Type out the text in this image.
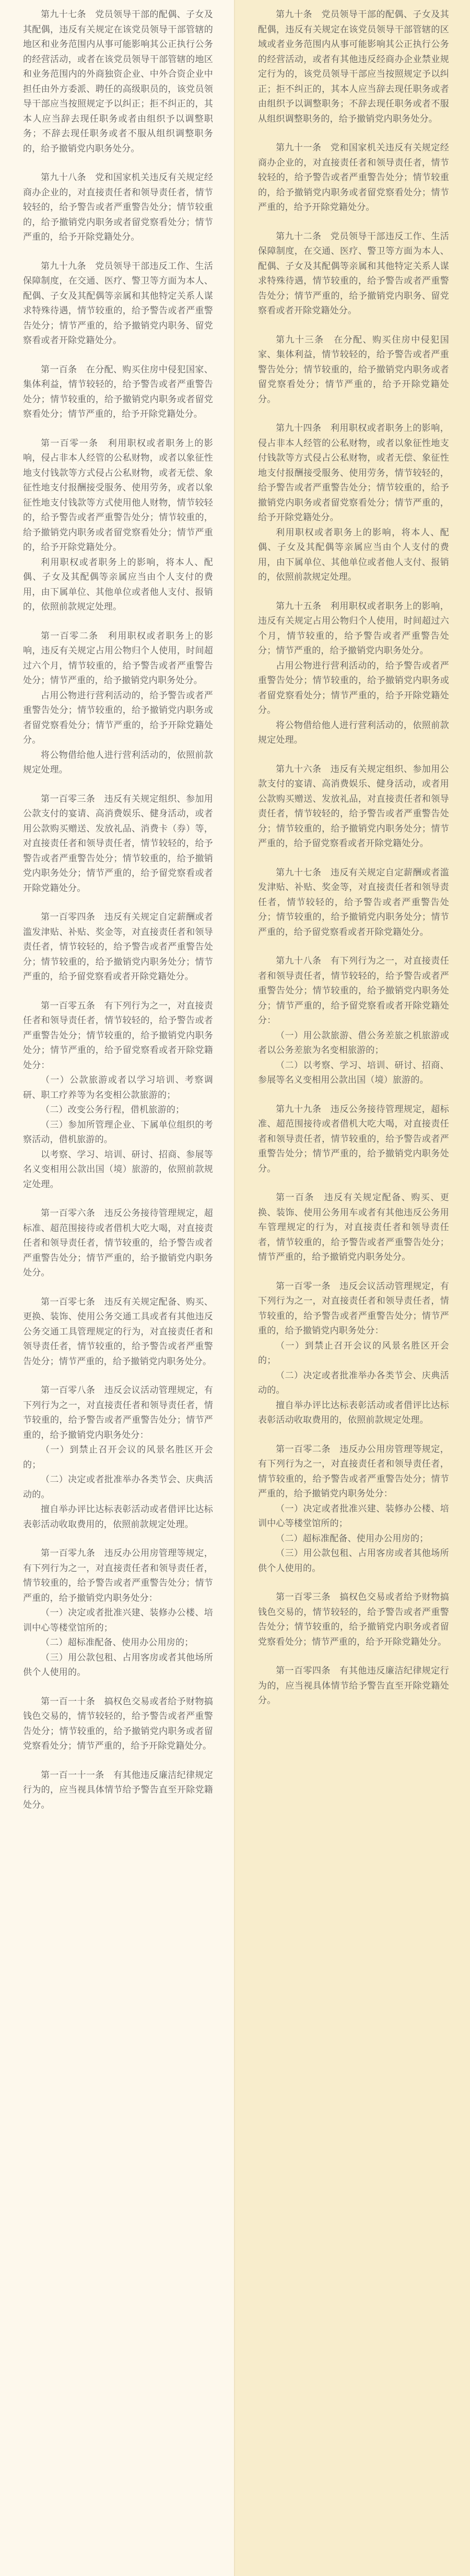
第九十七条　党员领导干部的配偶、子女及其配偶，违反有关规定在该党员领导干部管辖的地区和业务范围内从事可能影响其公正执行公务的经营活动，或者在该党员领导干部管辖的地区和业务范围内的外商独资企业、中外合资企业中担任由外方委派、聘任的高级职员的，该党员领导干部应当按照规定予以纠正；拒不纠正的，其本人应当辞去现任职务或者由组织予以调整职务；不辞去现任职务或者不服从组织调整职务的，给予撤销党内职务处分。

第九十八条　党和国家机关违反有关规定经商办企业的，对直接责任者和领导责任者，情节较轻的，给予警告或者严重警告处分；情节较重的，给予撤销党内职务或者留党察看处分；情节严重的，给予开除党籍处分。

第九十九条　党员领导干部违反工作、生活保障制度，在交通、医疗、警卫等方面为本人、配偶、子女及其配偶等亲属和其他特定关系人谋求特殊待遇，情节较重的，给予警告或者严重警告处分；情节严重的，给予撤销党内职务、留党察看或者开除党籍处分。

第一百条　在分配、购买住房中侵犯国家、集体利益，情节较轻的，给予警告或者严重警告处分；情节较重的，给予撤销党内职务或者留党察看处分；情节严重的，给予开除党籍处分。

第一百零一条　利用职权或者职务上的影响，侵占非本人经管的公私财物，或者以象征性地支付钱款等方式侵占公私财物，或者无偿、象征性地支付报酬接受服务、使用劳务，或者以象征性地支付钱款等方式使用他人财物，情节较轻的，给予警告或者严重警告处分；情节较重的，给予撤销党内职务或者留党察看处分；情节严重的，给予开除党籍处分。

利用职权或者职务上的影响，将本人、配偶、子女及其配偶等亲属应当由个人支付的费用，由下属单位、其他单位或者他人支付、报销的，依照前款规定处理。

第一百零二条　利用职权或者职务上的影响，违反有关规定占用公物归个人使用，时间超过六个月，情节较重的，给予警告或者严重警告处分；情节严重的，给予撤销党内职务处分。

占用公物进行营利活动的，给予警告或者严重警告处分；情节较重的，给予撤销党内职务或者留党察看处分；情节严重的，给予开除党籍处分。

将公物借给他人进行营利活动的，依照前款规定处理。

第一百零三条　违反有关规定组织、参加用公款支付的宴请、高消费娱乐、健身活动，或者用公款购买赠送、发放礼品、消费卡（券）等，对直接责任者和领导责任者，情节较轻的，给予警告或者严重警告处分；情节较重的，给予撤销党内职务处分；情节严重的，给予留党察看或者开除党籍处分。

第一百零四条　违反有关规定自定薪酬或者滥发津贴、补贴、奖金等，对直接责任者和领导责任者，情节较轻的，给予警告或者严重警告处分；情节较重的，给予撤销党内职务处分；情节严重的，给予留党察看或者开除党籍处分。

第一百零五条　有下列行为之一，对直接责任者和领导责任者，情节较轻的，给予警告或者严重警告处分；情节较重的，给予撤销党内职务处分；情节严重的，给予留党察看或者开除党籍处分：

（一）公款旅游或者以学习培训、考察调研、职工疗养等为名变相公款旅游的；

（二）改变公务行程，借机旅游的；

（三）参加所管理企业、下属单位组织的考察活动，借机旅游的。

以考察、学习、培训、研讨、招商、参展等名义变相用公款出国（境）旅游的，依照前款规定处理。

第一百零六条　违反公务接待管理规定，超标准、超范围接待或者借机大吃大喝，对直接责任者和领导责任者，情节较重的，给予警告或者严重警告处分；情节严重的，给予撤销党内职务处分。

第一百零七条　违反有关规定配备、购买、更换、装饰、使用公务交通工具或者有其他违反公务交通工具管理规定的行为，对直接责任者和领导责任者，情节较重的，给予警告或者严重警告处分；情节严重的，给予撤销党内职务处分。

第一百零八条　违反会议活动管理规定，有下列行为之一，对直接责任者和领导责任者，情节较重的，给予警告或者严重警告处分；情节严重的，给予撤销党内职务处分：

（一）到禁止召开会议的风景名胜区开会的；

（二）决定或者批准举办各类节会、庆典活动的。

擅自举办评比达标表彰活动或者借评比达标表彰活动收取费用的，依照前款规定处理。

第一百零九条　违反办公用房管理等规定，有下列行为之一，对直接责任者和领导责任者，情节较重的，给予警告或者严重警告处分；情节严重的，给予撤销党内职务处分：

（一）决定或者批准兴建、装修办公楼、培训中心等楼堂馆所的；

（二）超标准配备、使用办公用房的；

（三）用公款包租、占用客房或者其他场所供个人使用的。

第一百一十条　搞权色交易或者给予财物搞钱色交易的，情节较轻的，给予警告或者严重警告处分；情节较重的，给予撤销党内职务或者留党察看处分；情节严重的，给予开除党籍处分。

第一百一十一条　有其他违反廉洁纪律规定行为的，应当视具体情节给予警告直至开除党籍处分。

第九十条　党员领导干部的配偶、子女及其配偶，违反有关规定在该党员领导干部管辖的区域或者业务范围内从事可能影响其公正执行公务的经营活动，或者有其他违反经商办企业禁业规定行为的，该党员领导干部应当按照规定予以纠正；拒不纠正的，其本人应当辞去现任职务或者由组织予以调整职务；不辞去现任职务或者不服从组织调整职务的，给予撤销党内职务处分。

第九十一条　党和国家机关违反有关规定经商办企业的，对直接责任者和领导责任者，情节较轻的，给予警告或者严重警告处分；情节较重的，给予撤销党内职务或者留党察看处分；情节严重的，给予开除党籍处分。

第九十二条　党员领导干部违反工作、生活保障制度，在交通、医疗、警卫等方面为本人、配偶、子女及其配偶等亲属和其他特定关系人谋求特殊待遇，情节较重的，给予警告或者严重警告处分；情节严重的，给予撤销党内职务、留党察看或者开除党籍处分。

第九十三条　在分配、购买住房中侵犯国家、集体利益，情节较轻的，给予警告或者严重警告处分；情节较重的，给予撤销党内职务或者留党察看处分；情节严重的，给予开除党籍处分。

第九十四条　利用职权或者职务上的影响，侵占非本人经管的公私财物，或者以象征性地支付钱款等方式侵占公私财物，或者无偿、象征性地支付报酬接受服务、使用劳务，情节较轻的，给予警告或者严重警告处分；情节较重的，给予撤销党内职务或者留党察看处分；情节严重的，给予开除党籍处分。

利用职权或者职务上的影响，将本人、配偶、子女及其配偶等亲属应当由个人支付的费用，由下属单位、其他单位或者他人支付、报销的，依照前款规定处理。

第九十五条　利用职权或者职务上的影响，违反有关规定占用公物归个人使用，时间超过六个月，情节较重的，给予警告或者严重警告处分；情节严重的，给予撤销党内职务处分。

占用公物进行营利活动的，给予警告或者严重警告处分；情节较重的，给予撤销党内职务或者留党察看处分；情节严重的，给予开除党籍处分。

将公物借给他人进行营利活动的，依照前款规定处理。

第九十六条　违反有关规定组织、参加用公款支付的宴请、高消费娱乐、健身活动，或者用公款购买赠送、发放礼品，对直接责任者和领导责任者，情节较轻的，给予警告或者严重警告处分；情节较重的，给予撤销党内职务处分；情节严重的，给予留党察看或者开除党籍处分。

第九十七条　违反有关规定自定薪酬或者滥发津贴、补贴、奖金等，对直接责任者和领导责任者，情节较轻的，给予警告或者严重警告处分；情节较重的，给予撤销党内职务处分；情节严重的，给予留党察看或者开除党籍处分。

第九十八条　有下列行为之一，对直接责任者和领导责任者，情节较轻的，给予警告或者严重警告处分；情节较重的，给予撤销党内职务处分；情节严重的，给予留党察看或者开除党籍处分：

（一）用公款旅游、借公务差旅之机旅游或者以公务差旅为名变相旅游的；

（二）以考察、学习、培训、研讨、招商、参展等名义变相用公款出国（境）旅游的。

第九十九条　违反公务接待管理规定，超标准、超范围接待或者借机大吃大喝，对直接责任者和领导责任者，情节较重的，给予警告或者严重警告处分；情节严重的，给予撤销党内职务处分。

第一百条　违反有关规定配备、购买、更换、装饰、使用公务用车或者有其他违反公务用车管理规定的行为，对直接责任者和领导责任者，情节较重的，给予警告或者严重警告处分；情节严重的，给予撤销党内职务处分。

第一百零一条　违反会议活动管理规定，有下列行为之一，对直接责任者和领导责任者，情节较重的，给予警告或者严重警告处分；情节严重的，给予撤销党内职务处分：

（一）到禁止召开会议的风景名胜区开会的；

（二）决定或者批准举办各类节会、庆典活动的。

擅自举办评比达标表彰活动或者借评比达标表彰活动收取费用的，依照前款规定处理。

第一百零二条　违反办公用房管理等规定，有下列行为之一，对直接责任者和领导责任者，情节较重的，给予警告或者严重警告处分；情节严重的，给予撤销党内职务处分：

（一）决定或者批准兴建、装修办公楼、培训中心等楼堂馆所的；

（二）超标准配备、使用办公用房的；

（三）用公款包租、占用客房或者其他场所供个人使用的。

第一百零三条　搞权色交易或者给予财物搞钱色交易的，情节较轻的，给予警告或者严重警告处分；情节较重的，给予撤销党内职务或者留党察看处分；情节严重的，给予开除党籍处分。

第一百零四条　有其他违反廉洁纪律规定行为的，应当视具体情节给予警告直至开除党籍处分。
